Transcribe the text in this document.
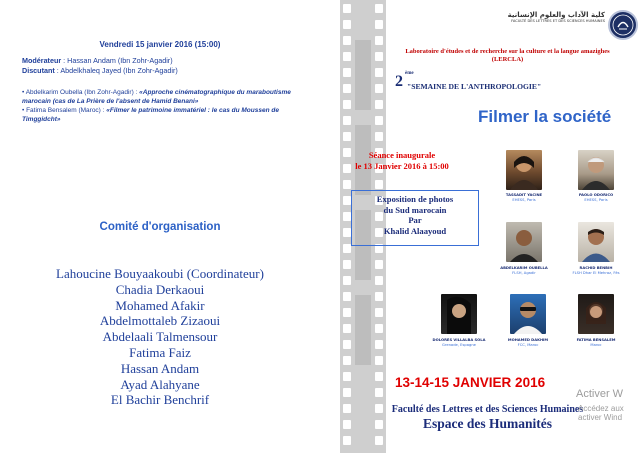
Vendredi 15 janvier 2016 (15:00)
Modérateur : Hassan Andam (Ibn Zohr-Agadir)
Discutant : Abdelkhaleq Jayed (Ibn Zohr-Agadir)
• Abdelkarim Oubella (Ibn Zohr-Agadir) : «Approche cinématographique du maraboutisme marocain (cas de La Prière de l'absent de Hamid Benani»
• Fatima Bensalem (Maroc) : «Filmer le patrimoine immatériel : le cas du Moussen de Timggidcht»
Comité d'organisation
Lahoucine Bouyaakoubi (Coordinateur)
Chadia Derkaoui
Mohamed Afakir
Abdelmottaleb Zizaoui
Abdelaali Talmensour
Fatima Faiz
Hassan Andam
Ayad Alahyane
El Bachir Benchrif
كلية الآداب والعلوم الإنسانية
FACULTÉ DES LETTRES ET DES SCIENCES HUMAINES
Laboratoire d'études et de recherche sur la culture et la langue amazighes (LERCLA)
2 ème
"SEMAINE DE L'ANTHROPOLOGIE"
Filmer la société
Séance inaugurale
le 13 Janvier 2016 à 15:00
Exposition de photos
du Sud marocain
Par
Khalid Alaayoud
TASSADIT YACINE
EHESS, Paris
PAOLO ODORICO
EHESS, Paris
ABDELKARIM OUBELLA
FLSH, Agadir
RACHID BENBIH
FLSH Dhar El Mehraz, Fès
DOLORES VILLALBA SOLA
Grenade, Espagne
MOHAMED DAKHIM
FCC, Maroc
FATIMA BENSALEM
Maroc
13-14-15 JANVIER 2016
Faculté des Lettres et des Sciences Humaines
Espace des Humanités
Activer W
Accédez aux
activer Wind
